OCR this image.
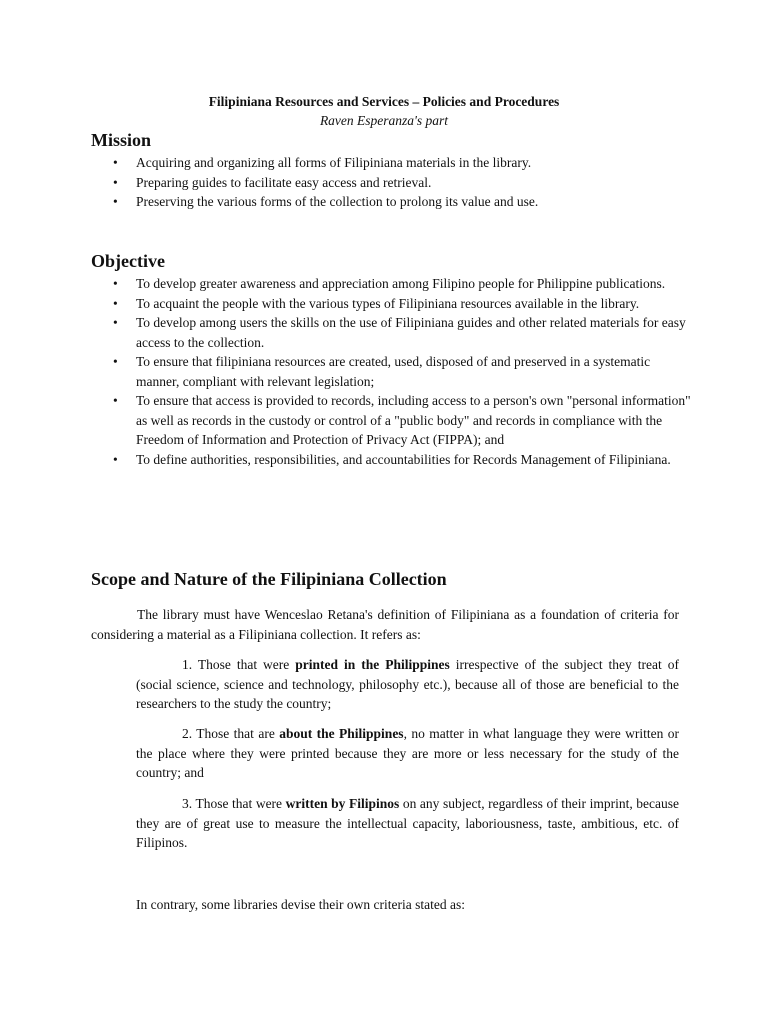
Filipiniana Resources and Services – Policies and Procedures
Raven Esperanza's part
Mission
• Acquiring and organizing all forms of Filipiniana materials in the library.
• Preparing guides to facilitate easy access and retrieval.
• Preserving the various forms of the collection to prolong its value and use.
Objective
• To develop greater awareness and appreciation among Filipino people for Philippine publications.
• To acquaint the people with the various types of Filipiniana resources available in the library.
• To develop among users the skills on the use of Filipiniana guides and other related materials for easy access to the collection.
• To ensure that filipiniana resources are created, used, disposed of and preserved in a systematic manner, compliant with relevant legislation;
• To ensure that access is provided to records, including access to a person's own "personal information" as well as records in the custody or control of a "public body" and records in compliance with the Freedom of Information and Protection of Privacy Act (FIPPA); and
• To define authorities, responsibilities, and accountabilities for Records Management of Filipiniana.
Scope and Nature of the Filipiniana Collection

The library must have Wenceslao Retana's definition of Filipiniana as a foundation of criteria for considering a material as a Filipiniana collection. It refers as:

1. Those that were printed in the Philippines irrespective of the subject they treat of (social science, science and technology, philosophy etc.), because all of those are beneficial to the researchers to the study the country;

2. Those that are about the Philippines, no matter in what language they were written or the place where they were printed because they are more or less necessary for the study of the country; and

3. Those that were written by Filipinos on any subject, regardless of their imprint, because they are of great use to measure the intellectual capacity, laboriousness, taste, ambitious, etc. of Filipinos.

In contrary, some libraries devise their own criteria stated as:
